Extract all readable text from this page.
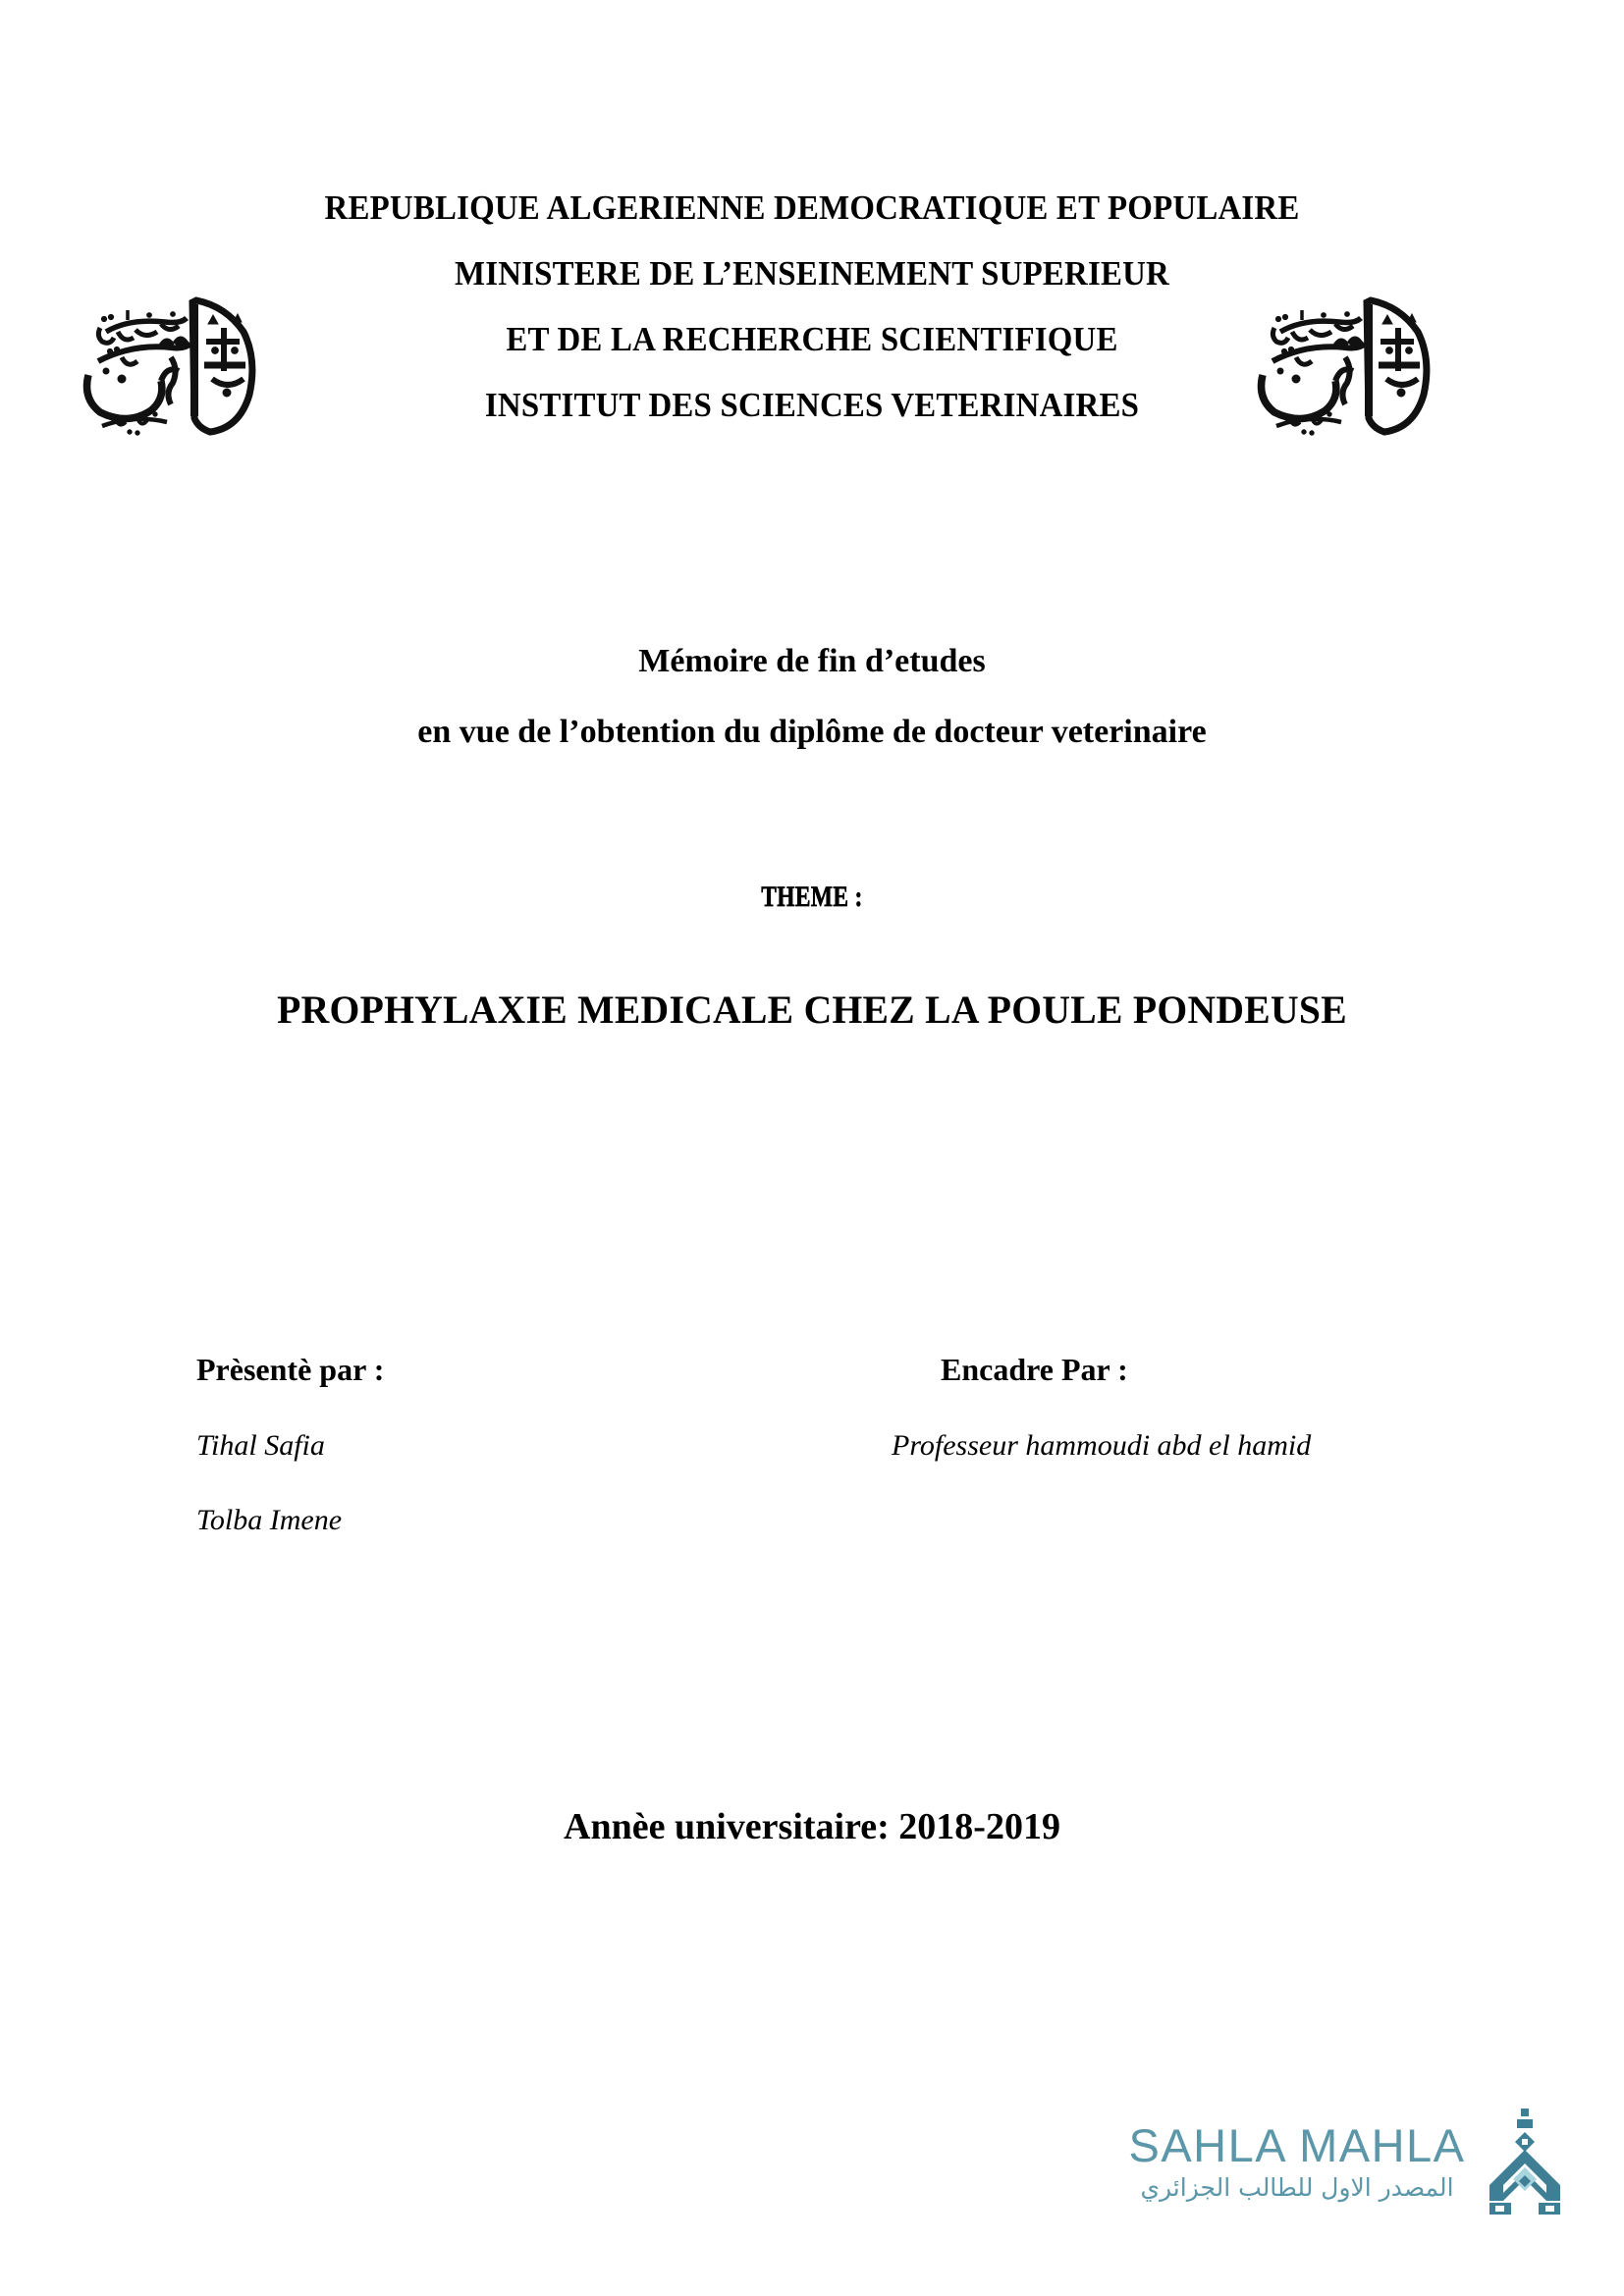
REPUBLIQUE ALGERIENNE DEMOCRATIQUE ET POPULAIRE
MINISTERE DE L’ENSEINEMENT SUPERIEUR
ET DE LA RECHERCHE SCIENTIFIQUE
INSTITUT DES SCIENCES VETERINAIRES
Mémoire de fin d’etudes
en vue de l’obtention du diplôme de docteur veterinaire
THEME :
PROPHYLAXIE MEDICALE CHEZ LA POULE PONDEUSE

Prèsentè par :

Tihal Safia

Tolba Imene

Encadre Par :

Professeur hammoudi abd el hamid

Annèe universitaire: 2018-2019
SAHLA MAHLA
المصدر الاول للطالب الجزائري
